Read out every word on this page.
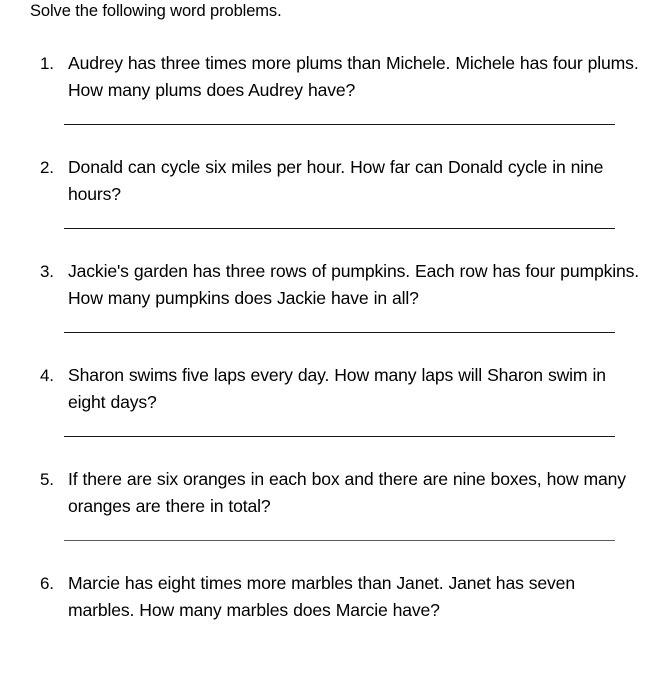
Solve the following word problems.
1. Audrey has three times more plums than Michele. Michele has four plums. How many plums does Audrey have?
2. Donald can cycle six miles per hour. How far can Donald cycle in nine hours?
3. Jackie's garden has three rows of pumpkins. Each row has four pumpkins. How many pumpkins does Jackie have in all?
4. Sharon swims five laps every day. How many laps will Sharon swim in eight days?
5. If there are six oranges in each box and there are nine boxes, how many oranges are there in total?
6. Marcie has eight times more marbles than Janet. Janet has seven marbles. How many marbles does Marcie have?
